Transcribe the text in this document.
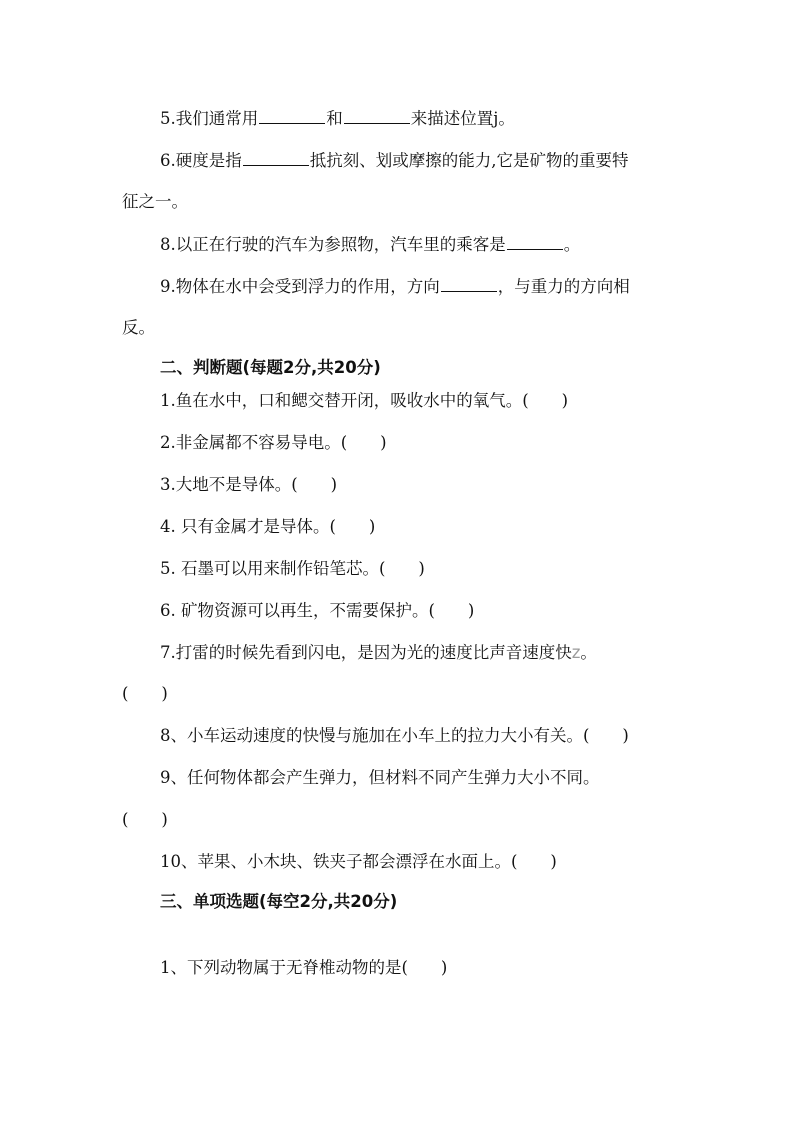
5.我们通常用	和	来描述位置j。
6.硬度是指	抵抗刻、划或摩擦的能力,它是矿物的重要特
征之一。
8.以正在行驶的汽车为参照物，汽车里的乘客是	。
9.物体在水中会受到浮力的作用，方向	，与重力的方向相
反。
二、判断题(每题2分,共20分)
1.鱼在水中，口和鳃交替开闭，吸收水中的氧气。(　　)
2.非金属都不容易导电。(　　)
3.大地不是导体。(　　)
4. 只有金属才是导体。(　　)
5. 石墨可以用来制作铅笔芯。(　　)
6. 矿物资源可以再生，不需要保护。(　　)
7.打雷的时候先看到闪电，是因为光的速度比声音速度快z。
(　　)
8、小车运动速度的快慢与施加在小车上的拉力大小有关。(　　)
9、任何物体都会产生弹力，但材料不同产生弹力大小不同。
(　　)
10、苹果、小木块、铁夹子都会漂浮在水面上。(　　)
三、单项选题(每空2分,共20分)
1、下列动物属于无脊椎动物的是(　　)
